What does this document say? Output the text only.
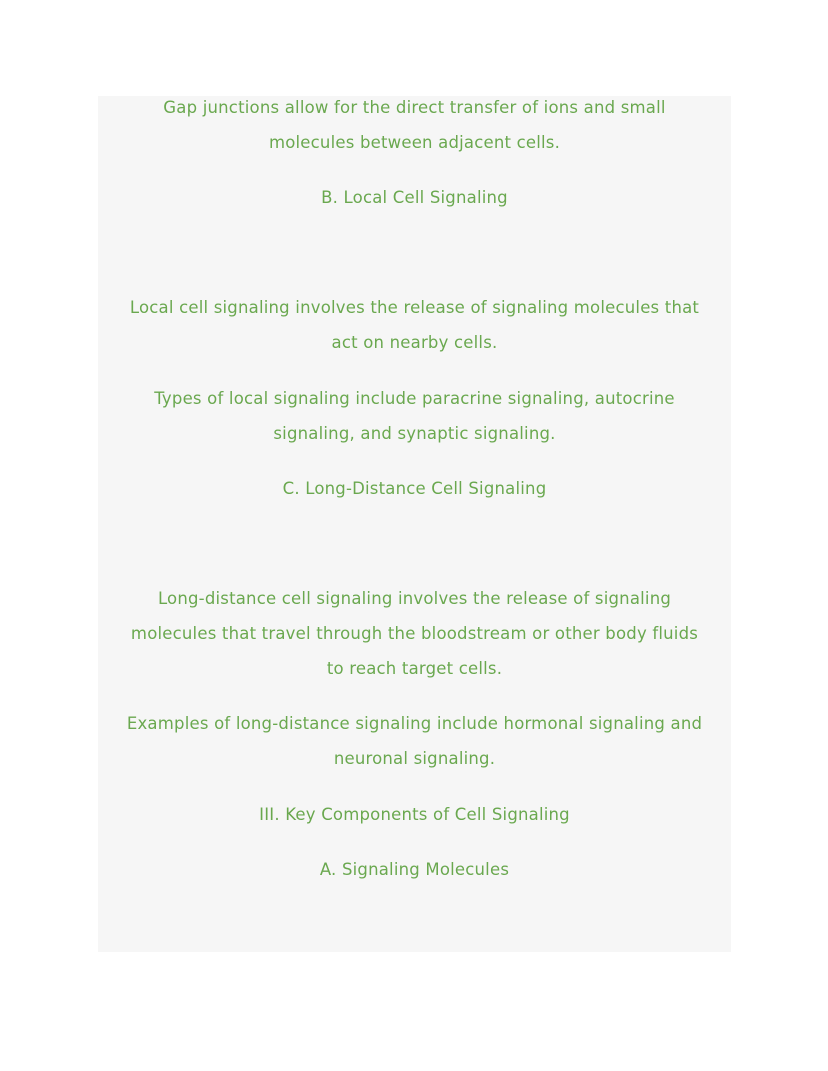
Gap junctions allow for the direct transfer of ions and small
molecules between adjacent cells.

B. Local Cell Signaling

Local cell signaling involves the release of signaling molecules that
act on nearby cells.

Types of local signaling include paracrine signaling, autocrine
signaling, and synaptic signaling.

C. Long-Distance Cell Signaling

Long-distance cell signaling involves the release of signaling
molecules that travel through the bloodstream or other body fluids
to reach target cells.

Examples of long-distance signaling include hormonal signaling and
neuronal signaling.

III. Key Components of Cell Signaling

A. Signaling Molecules
